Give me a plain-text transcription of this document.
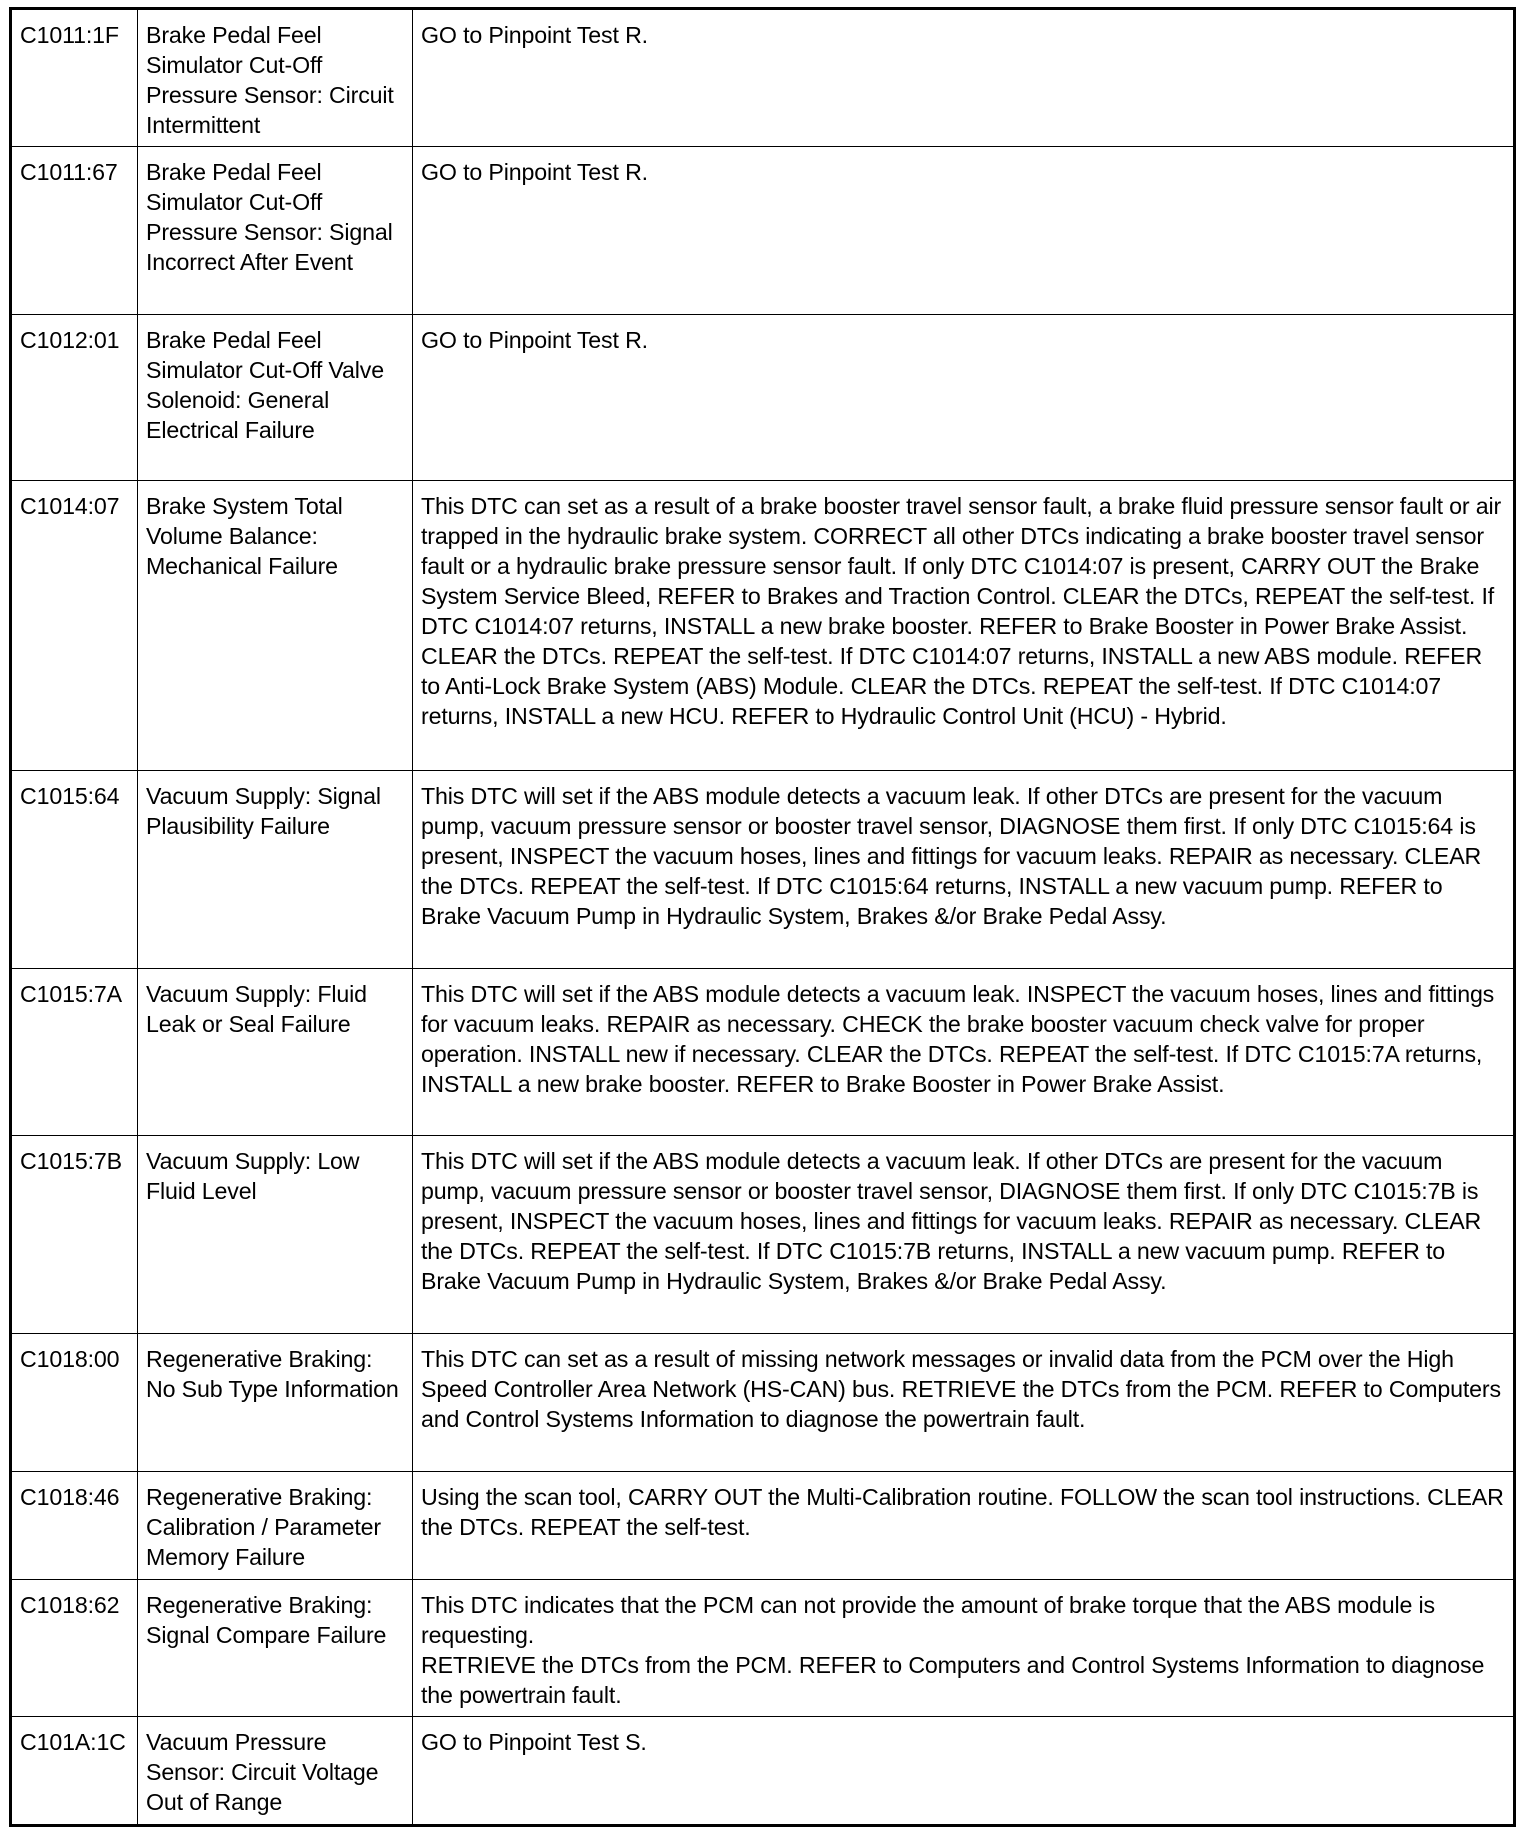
C1011:1F	Brake Pedal Feel Simulator Cut-Off Pressure Sensor: Circuit Intermittent	GO to Pinpoint Test R.

C1011:67	Brake Pedal Feel Simulator Cut-Off Pressure Sensor: Signal Incorrect After Event	GO to Pinpoint Test R.

C1012:01	Brake Pedal Feel Simulator Cut-Off Valve Solenoid: General Electrical Failure	GO to Pinpoint Test R.

C1014:07	Brake System Total Volume Balance: Mechanical Failure	This DTC can set as a result of a brake booster travel sensor fault, a brake fluid pressure sensor fault or air trapped in the hydraulic brake system. CORRECT all other DTCs indicating a brake booster travel sensor fault or a hydraulic brake pressure sensor fault. If only DTC C1014:07 is present, CARRY OUT the Brake System Service Bleed, REFER to Brakes and Traction Control. CLEAR the DTCs, REPEAT the self-test. If DTC C1014:07 returns, INSTALL a new brake booster. REFER to Brake Booster in Power Brake Assist. CLEAR the DTCs. REPEAT the self-test. If DTC C1014:07 returns, INSTALL a new ABS module. REFER to Anti-Lock Brake System (ABS) Module. CLEAR the DTCs. REPEAT the self-test. If DTC C1014:07 returns, INSTALL a new HCU. REFER to Hydraulic Control Unit (HCU) - Hybrid.

C1015:64	Vacuum Supply: Signal Plausibility Failure	This DTC will set if the ABS module detects a vacuum leak. If other DTCs are present for the vacuum pump, vacuum pressure sensor or booster travel sensor, DIAGNOSE them first. If only DTC C1015:64 is present, INSPECT the vacuum hoses, lines and fittings for vacuum leaks. REPAIR as necessary. CLEAR the DTCs. REPEAT the self-test. If DTC C1015:64 returns, INSTALL a new vacuum pump. REFER to Brake Vacuum Pump in Hydraulic System, Brakes &/or Brake Pedal Assy.

C1015:7A	Vacuum Supply: Fluid Leak or Seal Failure	This DTC will set if the ABS module detects a vacuum leak. INSPECT the vacuum hoses, lines and fittings for vacuum leaks. REPAIR as necessary. CHECK the brake booster vacuum check valve for proper operation. INSTALL new if necessary. CLEAR the DTCs. REPEAT the self-test. If DTC C1015:7A returns, INSTALL a new brake booster. REFER to Brake Booster in Power Brake Assist.

C1015:7B	Vacuum Supply: Low Fluid Level	This DTC will set if the ABS module detects a vacuum leak. If other DTCs are present for the vacuum pump, vacuum pressure sensor or booster travel sensor, DIAGNOSE them first. If only DTC C1015:7B is present, INSPECT the vacuum hoses, lines and fittings for vacuum leaks. REPAIR as necessary. CLEAR the DTCs. REPEAT the self-test. If DTC C1015:7B returns, INSTALL a new vacuum pump. REFER to Brake Vacuum Pump in Hydraulic System, Brakes &/or Brake Pedal Assy.

C1018:00	Regenerative Braking: No Sub Type Information	This DTC can set as a result of missing network messages or invalid data from the PCM over the High Speed Controller Area Network (HS-CAN) bus. RETRIEVE the DTCs from the PCM. REFER to Computers and Control Systems Information to diagnose the powertrain fault.

C1018:46	Regenerative Braking: Calibration / Parameter Memory Failure	Using the scan tool, CARRY OUT the Multi-Calibration routine. FOLLOW the scan tool instructions. CLEAR the DTCs. REPEAT the self-test.

C1018:62	Regenerative Braking: Signal Compare Failure	This DTC indicates that the PCM can not provide the amount of brake torque that the ABS module is requesting.
RETRIEVE the DTCs from the PCM. REFER to Computers and Control Systems Information to diagnose the powertrain fault.

C101A:1C	Vacuum Pressure Sensor: Circuit Voltage Out of Range	GO to Pinpoint Test S.
